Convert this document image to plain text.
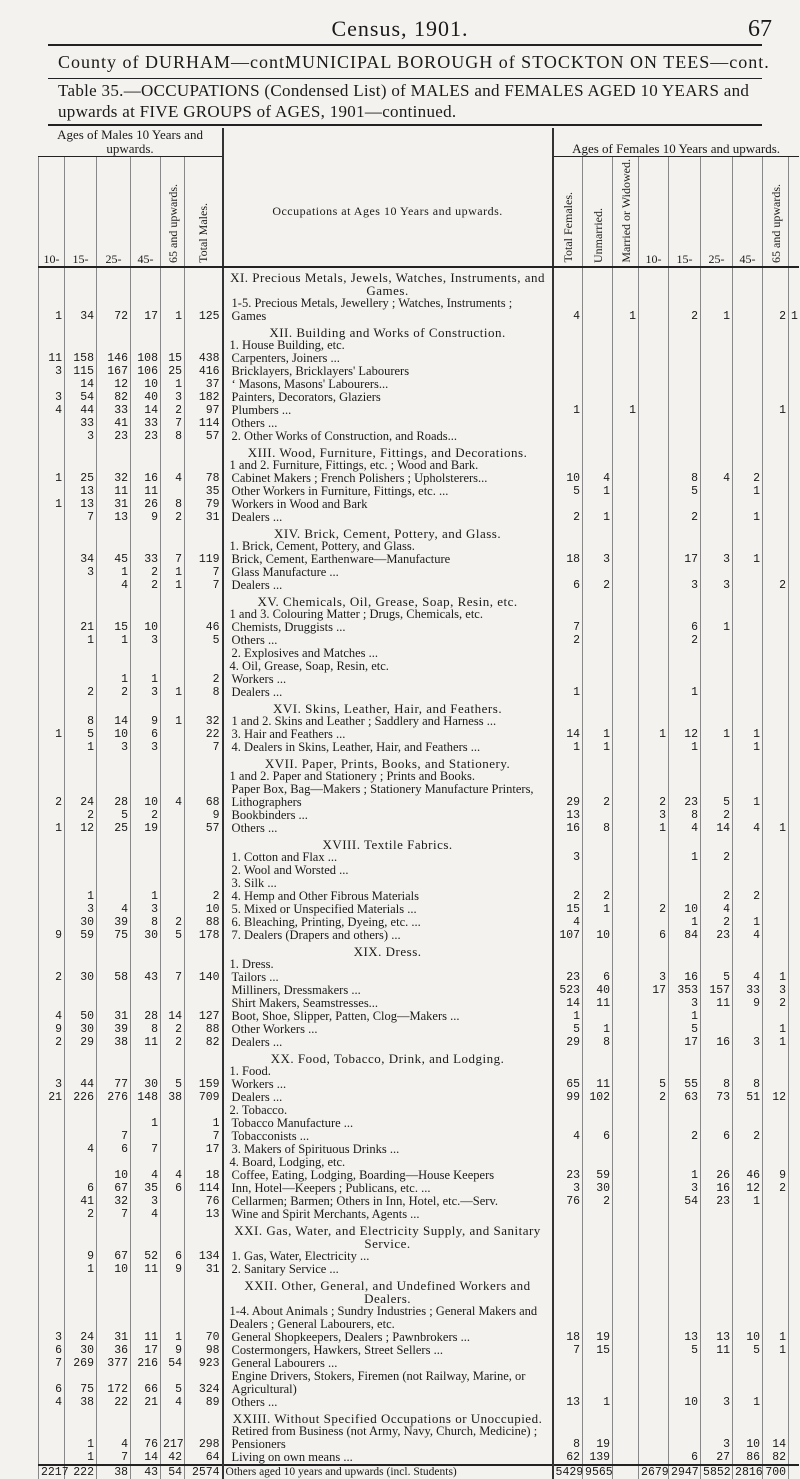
Census, 1901.	67
County of DURHAM—cont.
MUNICIPAL BOROUGH of STOCKTON ON TEES—cont.
Table 35.—OCCUPATIONS (Condensed List) of MALES and FEMALES AGED 10 YEARS and upwards at FIVE GROUPS of AGES, 1901—continued.
Ages of Males 10 Years and upwards.							Ages of Females 10 Years and upwards.								
10-	15-	25-	45-	65 and upwards.	Total Males.	Occupations at Ages 10 Years and upwards.	Total Females.	Unmarried.	Married or Widowed.	10-	15-	25-	45-	65 and upwards.	
						XI. Precious Metals, Jewels, Watches, Instruments, and Games.									
1	34	72	17	1	125	1-5. Precious Metals, Jewellery ; Watches, Instruments ; Games	4		1		2	1		2	1
						XII. Building and Works of Construction.									
						1. House Building, etc.									
11	158	146	108	15	438	Carpenters, Joiners ...									
3	115	167	106	25	416	Bricklayers, Bricklayers' Labourers									
	14	12	10	1	37	‘ Masons, Masons' Labourers...									
3	54	82	40	3	182	Painters, Decorators, Glaziers									
4	44	33	14	2	97	Plumbers ...	1		1					1	
	33	41	33	7	114	Others ...									
	3	23	23	8	57	2. Other Works of Construction, and Roads...									
						XIII. Wood, Furniture, Fittings, and Decorations.									
						1 and 2. Furniture, Fittings, etc. ; Wood and Bark.									
1	25	32	16	4	78	Cabinet Makers ; French Polishers ; Upholsterers...	10	4			8	4	2		
	13	11	11		35	Other Workers in Furniture, Fittings, etc. ...	5	1			5		1		
1	13	31	26	8	79	Workers in Wood and Bark									
	7	13	9	2	31	Dealers ...	2	1			2		1		
						XIV. Brick, Cement, Pottery, and Glass.									
						1. Brick, Cement, Pottery, and Glass.									
	34	45	33	7	119	Brick, Cement, Earthenware—Manufacture	18	3			17	3	1		
	3	1	2	1	7	Glass Manufacture ...									
		4	2	1	7	Dealers ...	6	2			3	3		2	
						XV. Chemicals, Oil, Grease, Soap, Resin, etc.									
						1 and 3. Colouring Matter ; Drugs, Chemicals, etc.									
	21	15	10		46	Chemists, Druggists ...	7				6	1			
	1	1	3		5	Others ...	2				2				
						2. Explosives and Matches ...									
						4. Oil, Grease, Soap, Resin, etc.									
		1	1		2	Workers ...									
	2	2	3	1	8	Dealers ...	1				1				
						XVI. Skins, Leather, Hair, and Feathers.									
	8	14	9	1	32	1 and 2. Skins and Leather ; Saddlery and Harness ...									
1	5	10	6		22	3. Hair and Feathers ...	14	1		1	12	1	1		
	1	3	3		7	4. Dealers in Skins, Leather, Hair, and Feathers ...	1	1			1		1		
						XVII. Paper, Prints, Books, and Stationery.									
						1 and 2. Paper and Stationery ; Prints and Books.									
2	24	28	10	4	68	Paper Box, Bag—Makers ; Stationery Manufacture Printers, Lithographers	29	2		2	23	5	1		
	2	5	2		9	Bookbinders ...	13			3	8	2			
1	12	25	19		57	Others ...	16	8		1	4	14	4	1	
						XVIII. Textile Fabrics.									
						1. Cotton and Flax ...	3				1	2			
						2. Wool and Worsted ...									
						3. Silk ...									
	1		1		2	4. Hemp and Other Fibrous Materials	2	2				2	2		
	3	4	3		10	5. Mixed or Unspecified Materials ...	15	1		2	10	4			
	30	39	8	2	88	6. Bleaching, Printing, Dyeing, etc. ...	4				1	2	1		
9	59	75	30	5	178	7. Dealers (Drapers and others) ...	107	10		6	84	23	4		
						XIX. Dress.									
						1. Dress.									
2	30	58	43	7	140	Tailors ...	23	6		3	16	5	4	1	
						Milliners, Dressmakers ...	523	40		17	353	157	33	3	
						Shirt Makers, Seamstresses...	14	11			3	11	9	2	
4	50	31	28	14	127	Boot, Shoe, Slipper, Patten, Clog—Makers ...	1				1				
9	30	39	8	2	88	Other Workers ...	5	1			5			1	
2	29	38	11	2	82	Dealers ...	29	8			17	16	3	1	
						XX. Food, Tobacco, Drink, and Lodging.									
						1. Food.									
3	44	77	30	5	159	Workers ...	65	11		5	55	8	8		
21	226	276	148	38	709	Dealers ...	99	102		2	63	73	51	12	
						2. Tobacco.									
			1		1	Tobacco Manufacture ...									
		7			7	Tobacconists ...	4	6			2	6	2		
	4	6	7		17	3. Makers of Spirituous Drinks ...									
						4. Board, Lodging, etc.									
		10	4	4	18	Coffee, Eating, Lodging, Boarding—House Keepers	23	59			1	26	46	9	
	6	67	35	6	114	Inn, Hotel—Keepers ; Publicans, etc. ...	3	30			3	16	12	2	
	41	32	3		76	Cellarmen; Barmen; Others in Inn, Hotel, etc.—Serv.	76	2			54	23	1		
	2	7	4		13	Wine and Spirit Merchants, Agents ...									
						XXI. Gas, Water, and Electricity Supply, and Sanitary Service.									
	9	67	52	6	134	1. Gas, Water, Electricity ...									
	1	10	11	9	31	2. Sanitary Service ...									
						XXII. Other, General, and Undefined Workers and Dealers.									
						1-4. About Animals ; Sundry Industries ; General Makers and Dealers ; General Labourers, etc.									
3	24	31	11	1	70	General Shopkeepers, Dealers ; Pawnbrokers ...	18	19			13	13	10	1	
6	30	36	17	9	98	Costermongers, Hawkers, Street Sellers ...	7	15			5	11	5	1	
7	269	377	216	54	923	General Labourers ...									
6	75	172	66	5	324	Engine Drivers, Stokers, Firemen (not Railway, Marine, or Agricultural)									
4	38	22	21	4	89	Others ...	13	1			10	3	1		
						XXIII. Without Specified Occupations or Unoccupied.									
	1	4	76	217	298	Retired from Business (not Army, Navy, Church, Medicine) ; Pensioners	8	19				3	10	14	
	1	7	14	42	64	Living on own means ...	62	139			6	27	86	82	
2217	222	38	43	54	2574	Others aged 10 years and upwards (incl. Students)	5429	9565		2679	2947	5852	2816	700	
